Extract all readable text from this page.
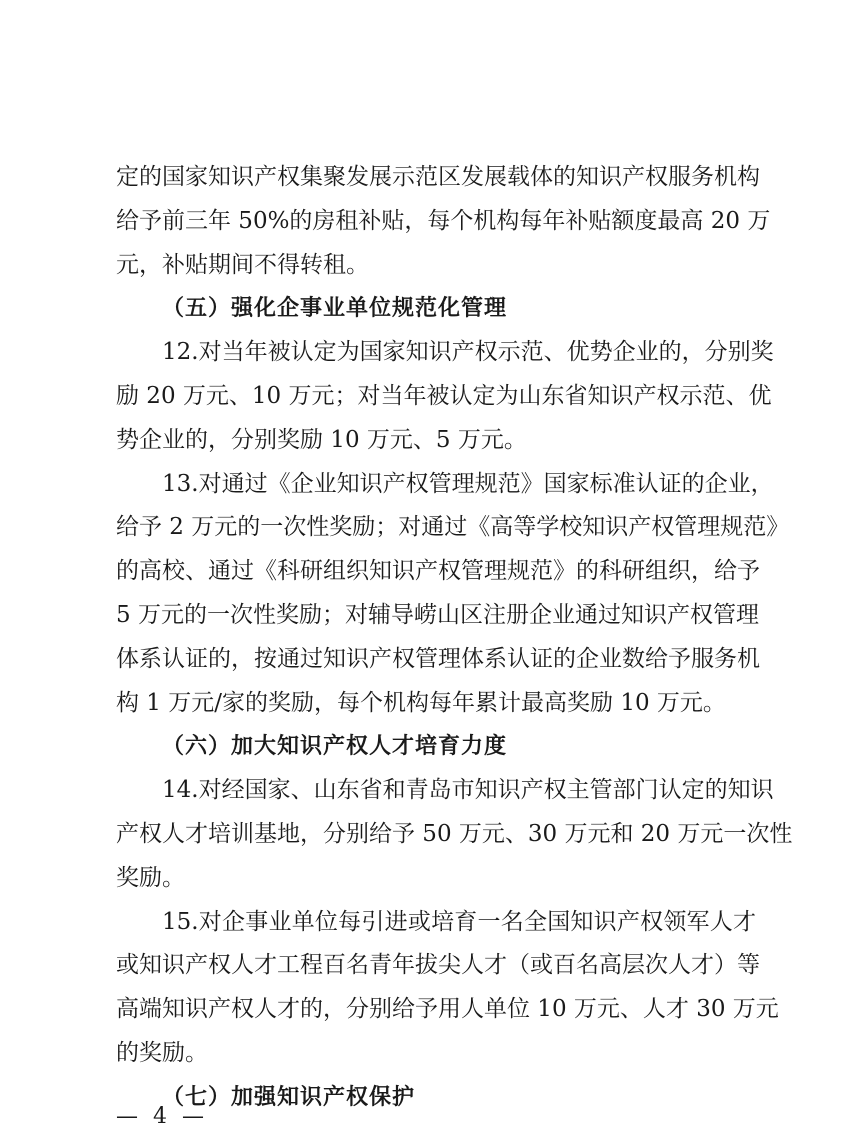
定的国家知识产权集聚发展示范区发展载体的知识产权服务机构
给予前三年 50%的房租补贴，每个机构每年补贴额度最高 20 万
元，补贴期间不得转租。
（五）强化企事业单位规范化管理
12.对当年被认定为国家知识产权示范、优势企业的，分别奖
励 20 万元、10 万元；对当年被认定为山东省知识产权示范、优
势企业的，分别奖励 10 万元、5 万元。
13.对通过《企业知识产权管理规范》国家标准认证的企业，
给予 2 万元的一次性奖励；对通过《高等学校知识产权管理规范》
的高校、通过《科研组织知识产权管理规范》的科研组织，给予
5 万元的一次性奖励；对辅导崂山区注册企业通过知识产权管理
体系认证的，按通过知识产权管理体系认证的企业数给予服务机
构 1 万元/家的奖励，每个机构每年累计最高奖励 10 万元。
（六）加大知识产权人才培育力度
14.对经国家、山东省和青岛市知识产权主管部门认定的知识
产权人才培训基地，分别给予 50 万元、30 万元和 20 万元一次性
奖励。
15.对企事业单位每引进或培育一名全国知识产权领军人才
或知识产权人才工程百名青年拔尖人才（或百名高层次人才）等
高端知识产权人才的，分别给予用人单位 10 万元、人才 30 万元
的奖励。
（七）加强知识产权保护
— 4 —
